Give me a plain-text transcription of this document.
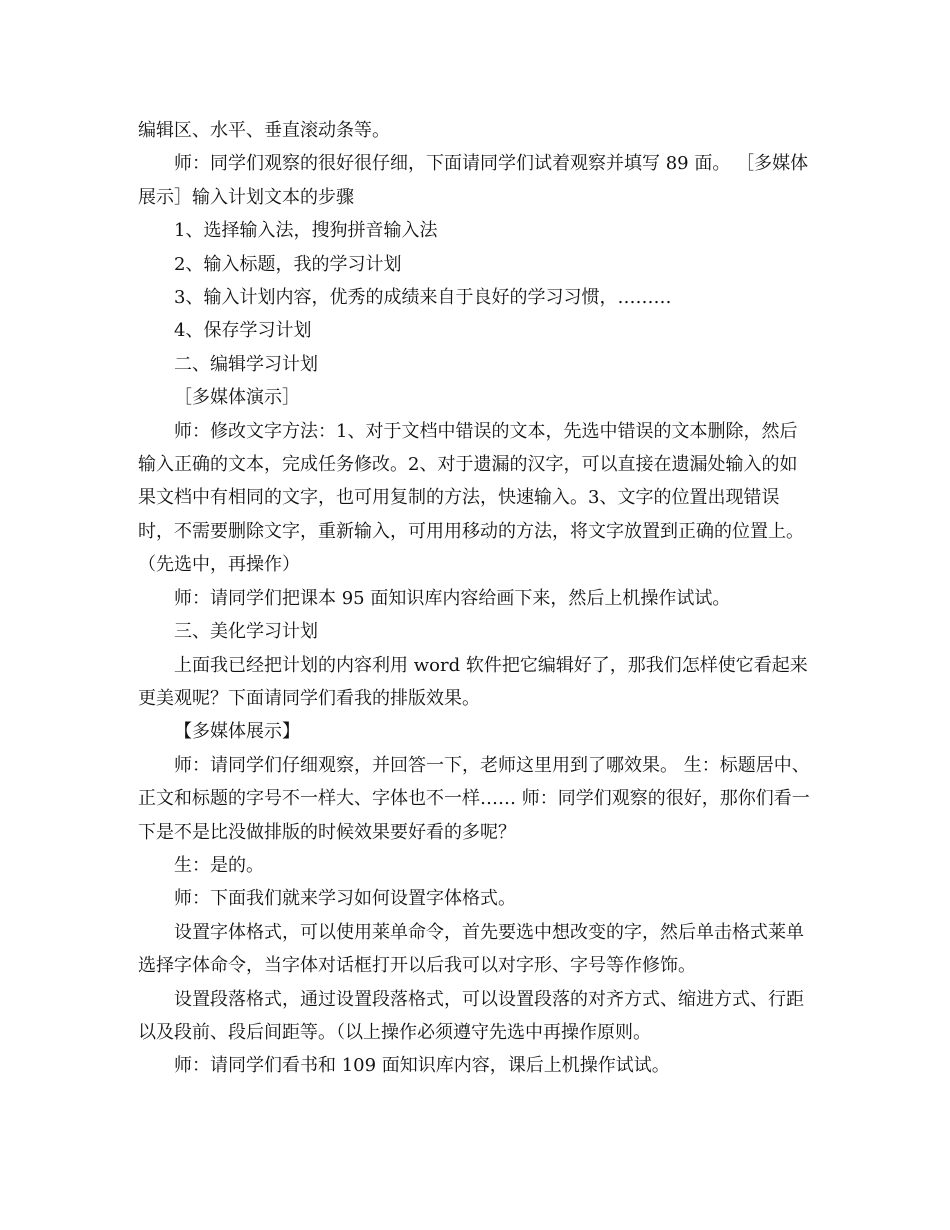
编辑区、水平、垂直滚动条等。

师：同学们观察的很好很仔细，下面请同学们试着观察并填写 89 面。 ［多媒体展示］输入计划文本的步骤

1、选择输入法，搜狗拼音输入法

2、输入标题，我的学习计划

3、输入计划内容，优秀的成绩来自于良好的学习习惯，………

4、保存学习计划

二、编辑学习计划

［多媒体演示］

师：修改文字方法：1、对于文档中错误的文本，先选中错误的文本删除，然后输入正确的文本，完成任务修改。2、对于遗漏的汉字，可以直接在遗漏处输入的如果文档中有相同的文字，也可用复制的方法，快速输入。3、文字的位置出现错误时，不需要删除文字，重新输入，可用用移动的方法，将文字放置到正确的位置上。（先选中，再操作）

师：请同学们把课本 95 面知识库内容给画下来，然后上机操作试试。

三、美化学习计划

上面我已经把计划的内容利用 word 软件把它编辑好了，那我们怎样使它看起来更美观呢？下面请同学们看我的排版效果。

【多媒体展示】

师：请同学们仔细观察，并回答一下，老师这里用到了哪效果。 生：标题居中、正文和标题的字号不一样大、字体也不一样…… 师：同学们观察的很好，那你们看一下是不是比没做排版的时候效果要好看的多呢？

生：是的。

师：下面我们就来学习如何设置字体格式。

设置字体格式，可以使用莱单命令，首先要选中想改变的字，然后单击格式莱单选择字体命令，当字体对话框打开以后我可以对字形、字号等作修饰。

设置段落格式，通过设置段落格式，可以设置段落的对齐方式、缩进方式、行距以及段前、段后间距等。（以上操作必须遵守先选中再操作原则。

师：请同学们看书和 109 面知识库内容，课后上机操作试试。
